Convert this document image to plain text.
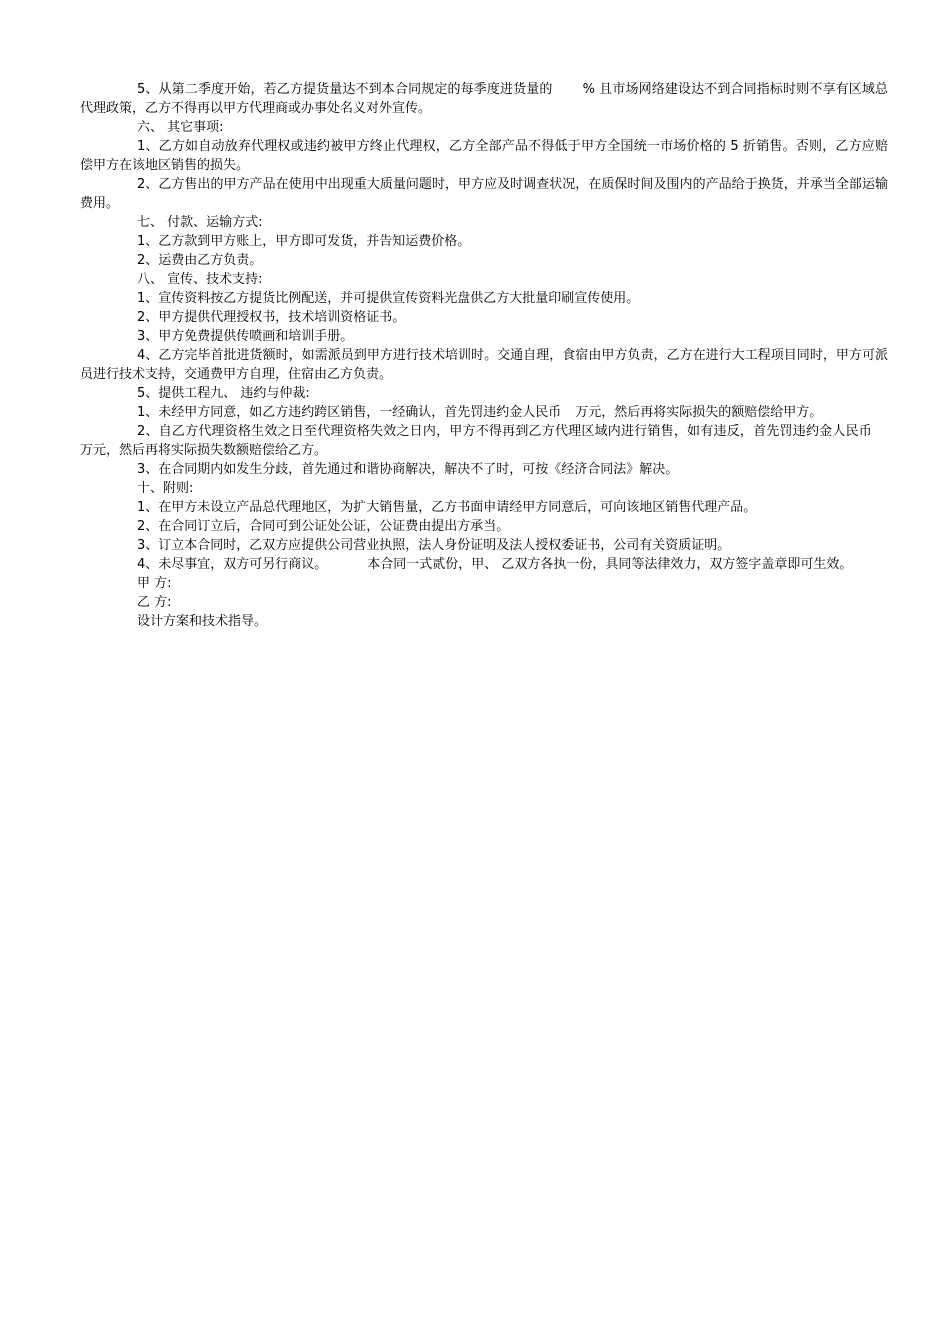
5、从第二季度开始，若乙方提货量达不到本合同规定的每季度进货量的 % 且市场网络建设达不到合同指标时则不享有区域总代理政策，乙方不得再以甲方代理商或办事处名义对外宣传。

六、 其它事项:

1、乙方如自动放弃代理权或违约被甲方终止代理权，乙方全部产品不得低于甲方全国统一市场价格的 5 折销售。否则，乙方应赔偿甲方在该地区销售的损失。

2、乙方售出的甲方产品在使用中出现重大质量问题时，甲方应及时调查状况，在质保时间及围内的产品给于换货，并承当全部运输费用。

七、 付款、运输方式:

1、乙方款到甲方账上，甲方即可发货，并告知运费价格。

2、运费由乙方负责。

八、 宣传、技术支持:

1、宣传资料按乙方提货比例配送，并可提供宣传资料光盘供乙方大批量印刷宣传使用。

2、甲方提供代理授权书，技术培训资格证书。

3、甲方免费提供传喷画和培训手册。

4、乙方完毕首批进货额时，如需派员到甲方进行技术培训时。交通自理，食宿由甲方负责，乙方在进行大工程项目同时，甲方可派员进行技术支持，交通费甲方自理，住宿由乙方负责。

5、提供工程九、 违约与仲裁:

1、未经甲方同意，如乙方违约跨区销售，一经确认，首先罚违约金人民币 万元，然后再将实际损失的额赔偿给甲方。

2、自乙方代理资格生效之日至代理资格失效之日内，甲方不得再到乙方代理区域内进行销售，如有违反，首先罚违约金人民币万元，然后再将实际损失数额赔偿给乙方。

3、在合同期内如发生分歧，首先通过和谐协商解决，解决不了时，可按《经济合同法》解决。

十、附则:

1、在甲方未设立产品总代理地区，为扩大销售量，乙方书面申请经甲方同意后，可向该地区销售代理产品。

2、在合同订立后，合同可到公证处公证，公证费由提出方承当。

3、订立本合同时，乙双方应提供公司营业执照，法人身份证明及法人授权委证书，公司有关资质证明。

4、未尽事宜，双方可另行商议。	本合同一式贰份，甲、 乙双方各执一份，具同等法律效力，双方签字盖章即可生效。

甲 方:

乙 方:

设计方案和技术指导。
